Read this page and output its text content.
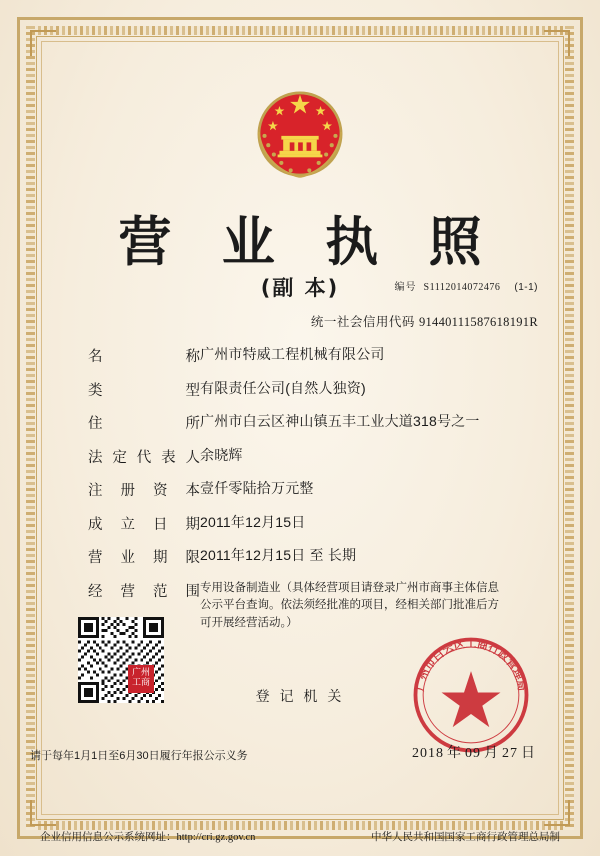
营 业 执 照
(副 本)	编号 S1112014072476 (1-1)
统一社会信用代码 91440111587618191R
名	称 广州市特威工程机械有限公司
类	型 有限责任公司(自然人独资)
住	所 广州市白云区神山镇五丰工业大道318号之一
法 定 代 表 人 余晓辉
注 册 资 本 壹仟零陆拾万元整
成 立 日 期 2011年12月15日
营 业 期 限 2011年12月15日 至 长期
经 营 范 围 专用设备制造业（具体经营项目请登录广州市商事主体信息公示平台查询。依法须经批准的项目，经相关部门批准后方可开展经营活动。）
广州工商
登 记 机 关
广州市白云区工商行政管理局
2018 年 09 月 27 日
请于每年1月1日至6月30日履行年报公示义务
企业信用信息公示系统网址：http://cri.gz.gov.cn	中华人民共和国国家工商行政管理总局制
